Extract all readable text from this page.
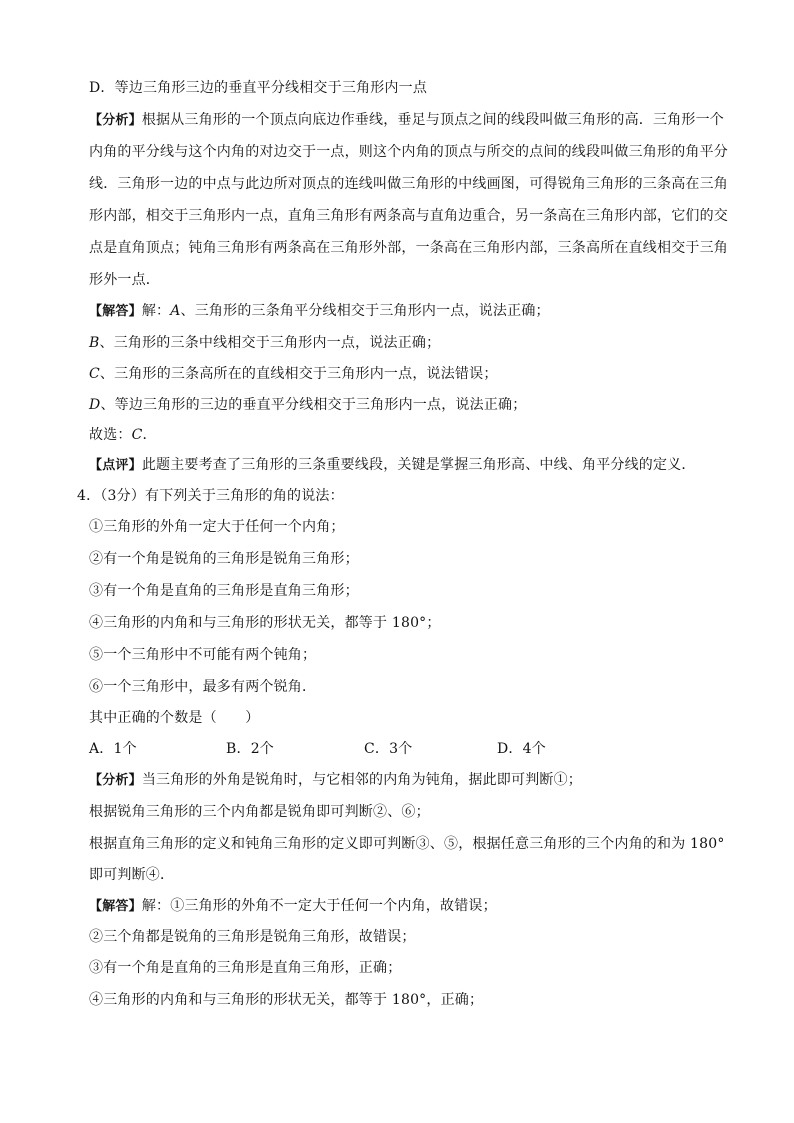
D．等边三角形三边的垂直平分线相交于三角形内一点
【分析】根据从三角形的一个顶点向底边作垂线，垂足与顶点之间的线段叫做三角形的高．三角形一个
内角的平分线与这个内角的对边交于一点，则这个内角的顶点与所交的点间的线段叫做三角形的角平分
线．三角形一边的中点与此边所对顶点的连线叫做三角形的中线画图，可得锐角三角形的三条高在三角
形内部，相交于三角形内一点，直角三角形有两条高与直角边重合，另一条高在三角形内部，它们的交
点是直角顶点；钝角三角形有两条高在三角形外部，一条高在三角形内部，三条高所在直线相交于三角
形外一点．
【解答】解：A、三角形的三条角平分线相交于三角形内一点，说法正确；
B、三角形的三条中线相交于三角形内一点，说法正确；
C、三角形的三条高所在的直线相交于三角形内一点，说法错误；
D、等边三角形的三边的垂直平分线相交于三角形内一点，说法正确；
故选：C．
【点评】此题主要考查了三角形的三条重要线段，关键是掌握三角形高、中线、角平分线的定义．
4．（3分）有下列关于三角形的角的说法：
①三角形的外角一定大于任何一个内角；
②有一个角是锐角的三角形是锐角三角形；
③有一个角是直角的三角形是直角三角形；
④三角形的内角和与三角形的形状无关，都等于 180°；
⑤一个三角形中不可能有两个钝角；
⑥一个三角形中，最多有两个锐角．
其中正确的个数是（　　）
A．1个	B．2个	C．3个	D．4个
【分析】当三角形的外角是锐角时，与它相邻的内角为钝角，据此即可判断①；
根据锐角三角形的三个内角都是锐角即可判断②、⑥；
根据直角三角形的定义和钝角三角形的定义即可判断③、⑤，根据任意三角形的三个内角的和为 180°
即可判断④．
【解答】解：①三角形的外角不一定大于任何一个内角，故错误；
②三个角都是锐角的三角形是锐角三角形，故错误；
③有一个角是直角的三角形是直角三角形，正确；
④三角形的内角和与三角形的形状无关，都等于 180°，正确；
